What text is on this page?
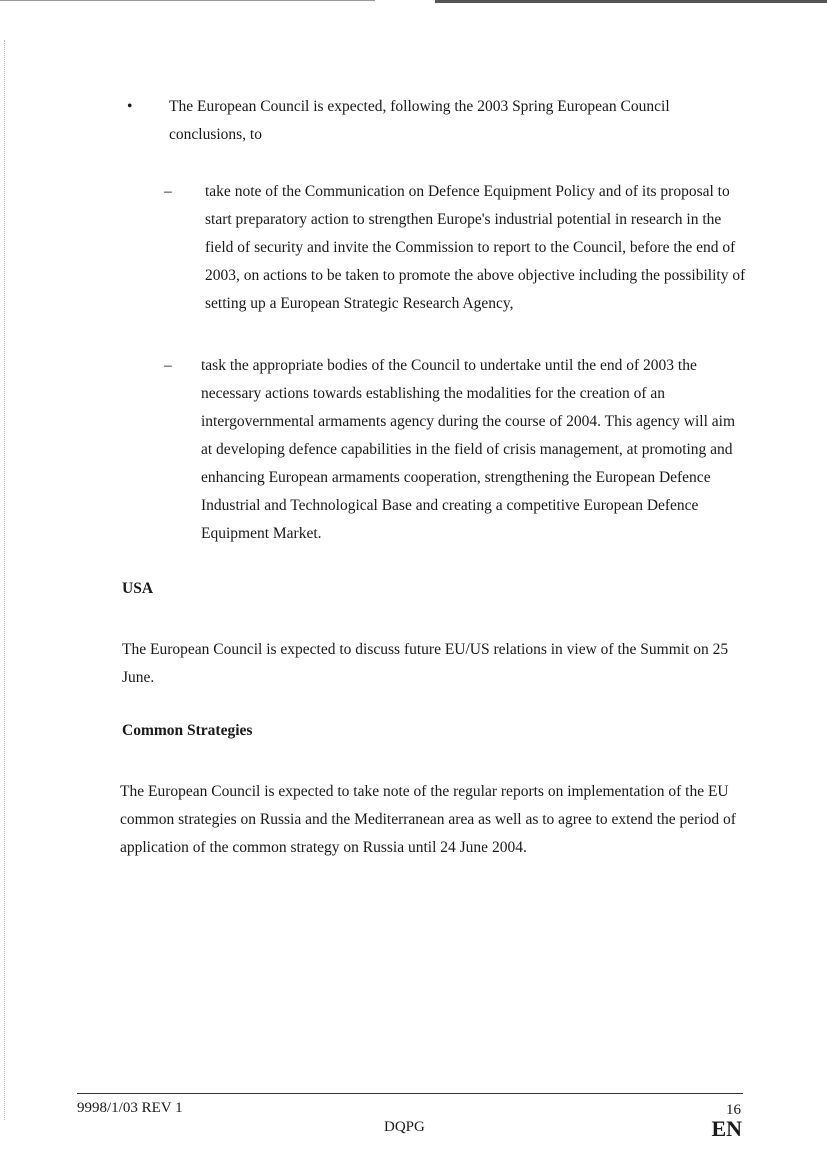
• The European Council is expected, following the 2003 Spring European Council conclusions, to

– take note of the Communication on Defence Equipment Policy and of its proposal to start preparatory action to strengthen Europe's industrial potential in research in the field of security and invite the Commission to report to the Council, before the end of 2003, on actions to be taken to promote the above objective including the possibility of setting up a European Strategic Research Agency,

– task the appropriate bodies of the Council to undertake until the end of 2003 the necessary actions towards establishing the modalities for the creation of an intergovernmental armaments agency during the course of 2004. This agency will aim at developing defence capabilities in the field of crisis management, at promoting and enhancing European armaments cooperation, strengthening the European Defence Industrial and Technological Base and creating a competitive European Defence Equipment Market.

USA

The European Council is expected to discuss future EU/US relations in view of the Summit on 25 June.

Common Strategies

The European Council is expected to take note of the regular reports on implementation of the EU common strategies on Russia and the Mediterranean area as well as to agree to extend the period of application of the common strategy on Russia until 24 June 2004.

9998/1/03 REV 1
DQPG
16
EN
